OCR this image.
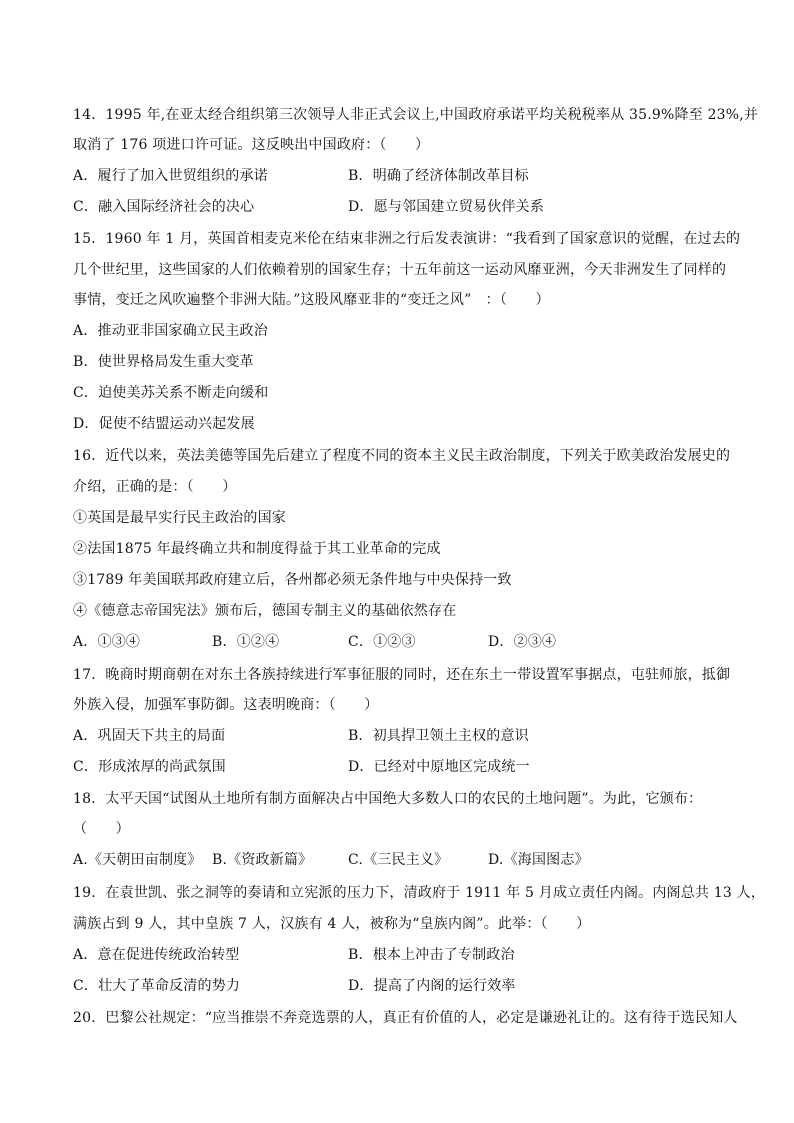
14．1995 年,在亚太经合组织第三次领导人非正式会议上,中国政府承诺平均关税税率从 35.9%降至 23%,并
取消了 176 项进口许可证。这反映出中国政府：（　　）
A．履行了加入世贸组织的承诺	B．明确了经济体制改革目标
C．融入国际经济社会的决心	D．愿与邻国建立贸易伙伴关系
15．1960 年 1 月，英国首相麦克米伦在结束非洲之行后发表演讲：“我看到了国家意识的觉醒，在过去的
几个世纪里，这些国家的人们依赖着别的国家生存；十五年前这一运动风靡亚洲，今天非洲发生了同样的
事情，变迁之风吹遍整个非洲大陆。”这股风靡亚非的“变迁之风”　：（　　）
A．推动亚非国家确立民主政治
B．使世界格局发生重大变革
C．迫使美苏关系不断走向缓和
D．促使不结盟运动兴起发展
16．近代以来，英法美德等国先后建立了程度不同的资本主义民主政治制度，下列关于欧美政治发展史的
介绍，正确的是：（　　）
①英国是最早实行民主政治的国家
②法国1875 年最终确立共和制度得益于其工业革命的完成
③1789 年美国联邦政府建立后，各州都必须无条件地与中央保持一致
④《德意志帝国宪法》颁布后，德国专制主义的基础依然存在
A．①③④	B．①②④	C．①②③	D．②③④
17．晚商时期商朝在对东土各族持续进行军事征服的同时，还在东土一带设置军事据点，屯驻师旅，抵御
外族入侵，加强军事防御。这表明晚商：（　　）
A．巩固天下共主的局面	B．初具捍卫领土主权的意识
C．形成浓厚的尚武氛围	D．已经对中原地区完成统一
18．太平天国“试图从土地所有制方面解决占中国绝大多数人口的农民的土地问题”。为此，它颁布：
（　　）
A.《天朝田亩制度》 B.《资政新篇》	C.《三民主义》	D.《海国图志》
19．在袁世凯、张之洞等的奏请和立宪派的压力下，清政府于 1911 年 5 月成立责任内阁。内阁总共 13 人，
满族占到 9 人，其中皇族 7 人，汉族有 4 人，被称为“皇族内阁”。此举：（　　）
A．意在促进传统政治转型	B．根本上冲击了专制政治
C．壮大了革命反清的势力	D．提高了内阁的运行效率
20．巴黎公社规定：“应当推崇不奔竞选票的人，真正有价值的人，必定是谦逊礼让的。这有待于选民知人
